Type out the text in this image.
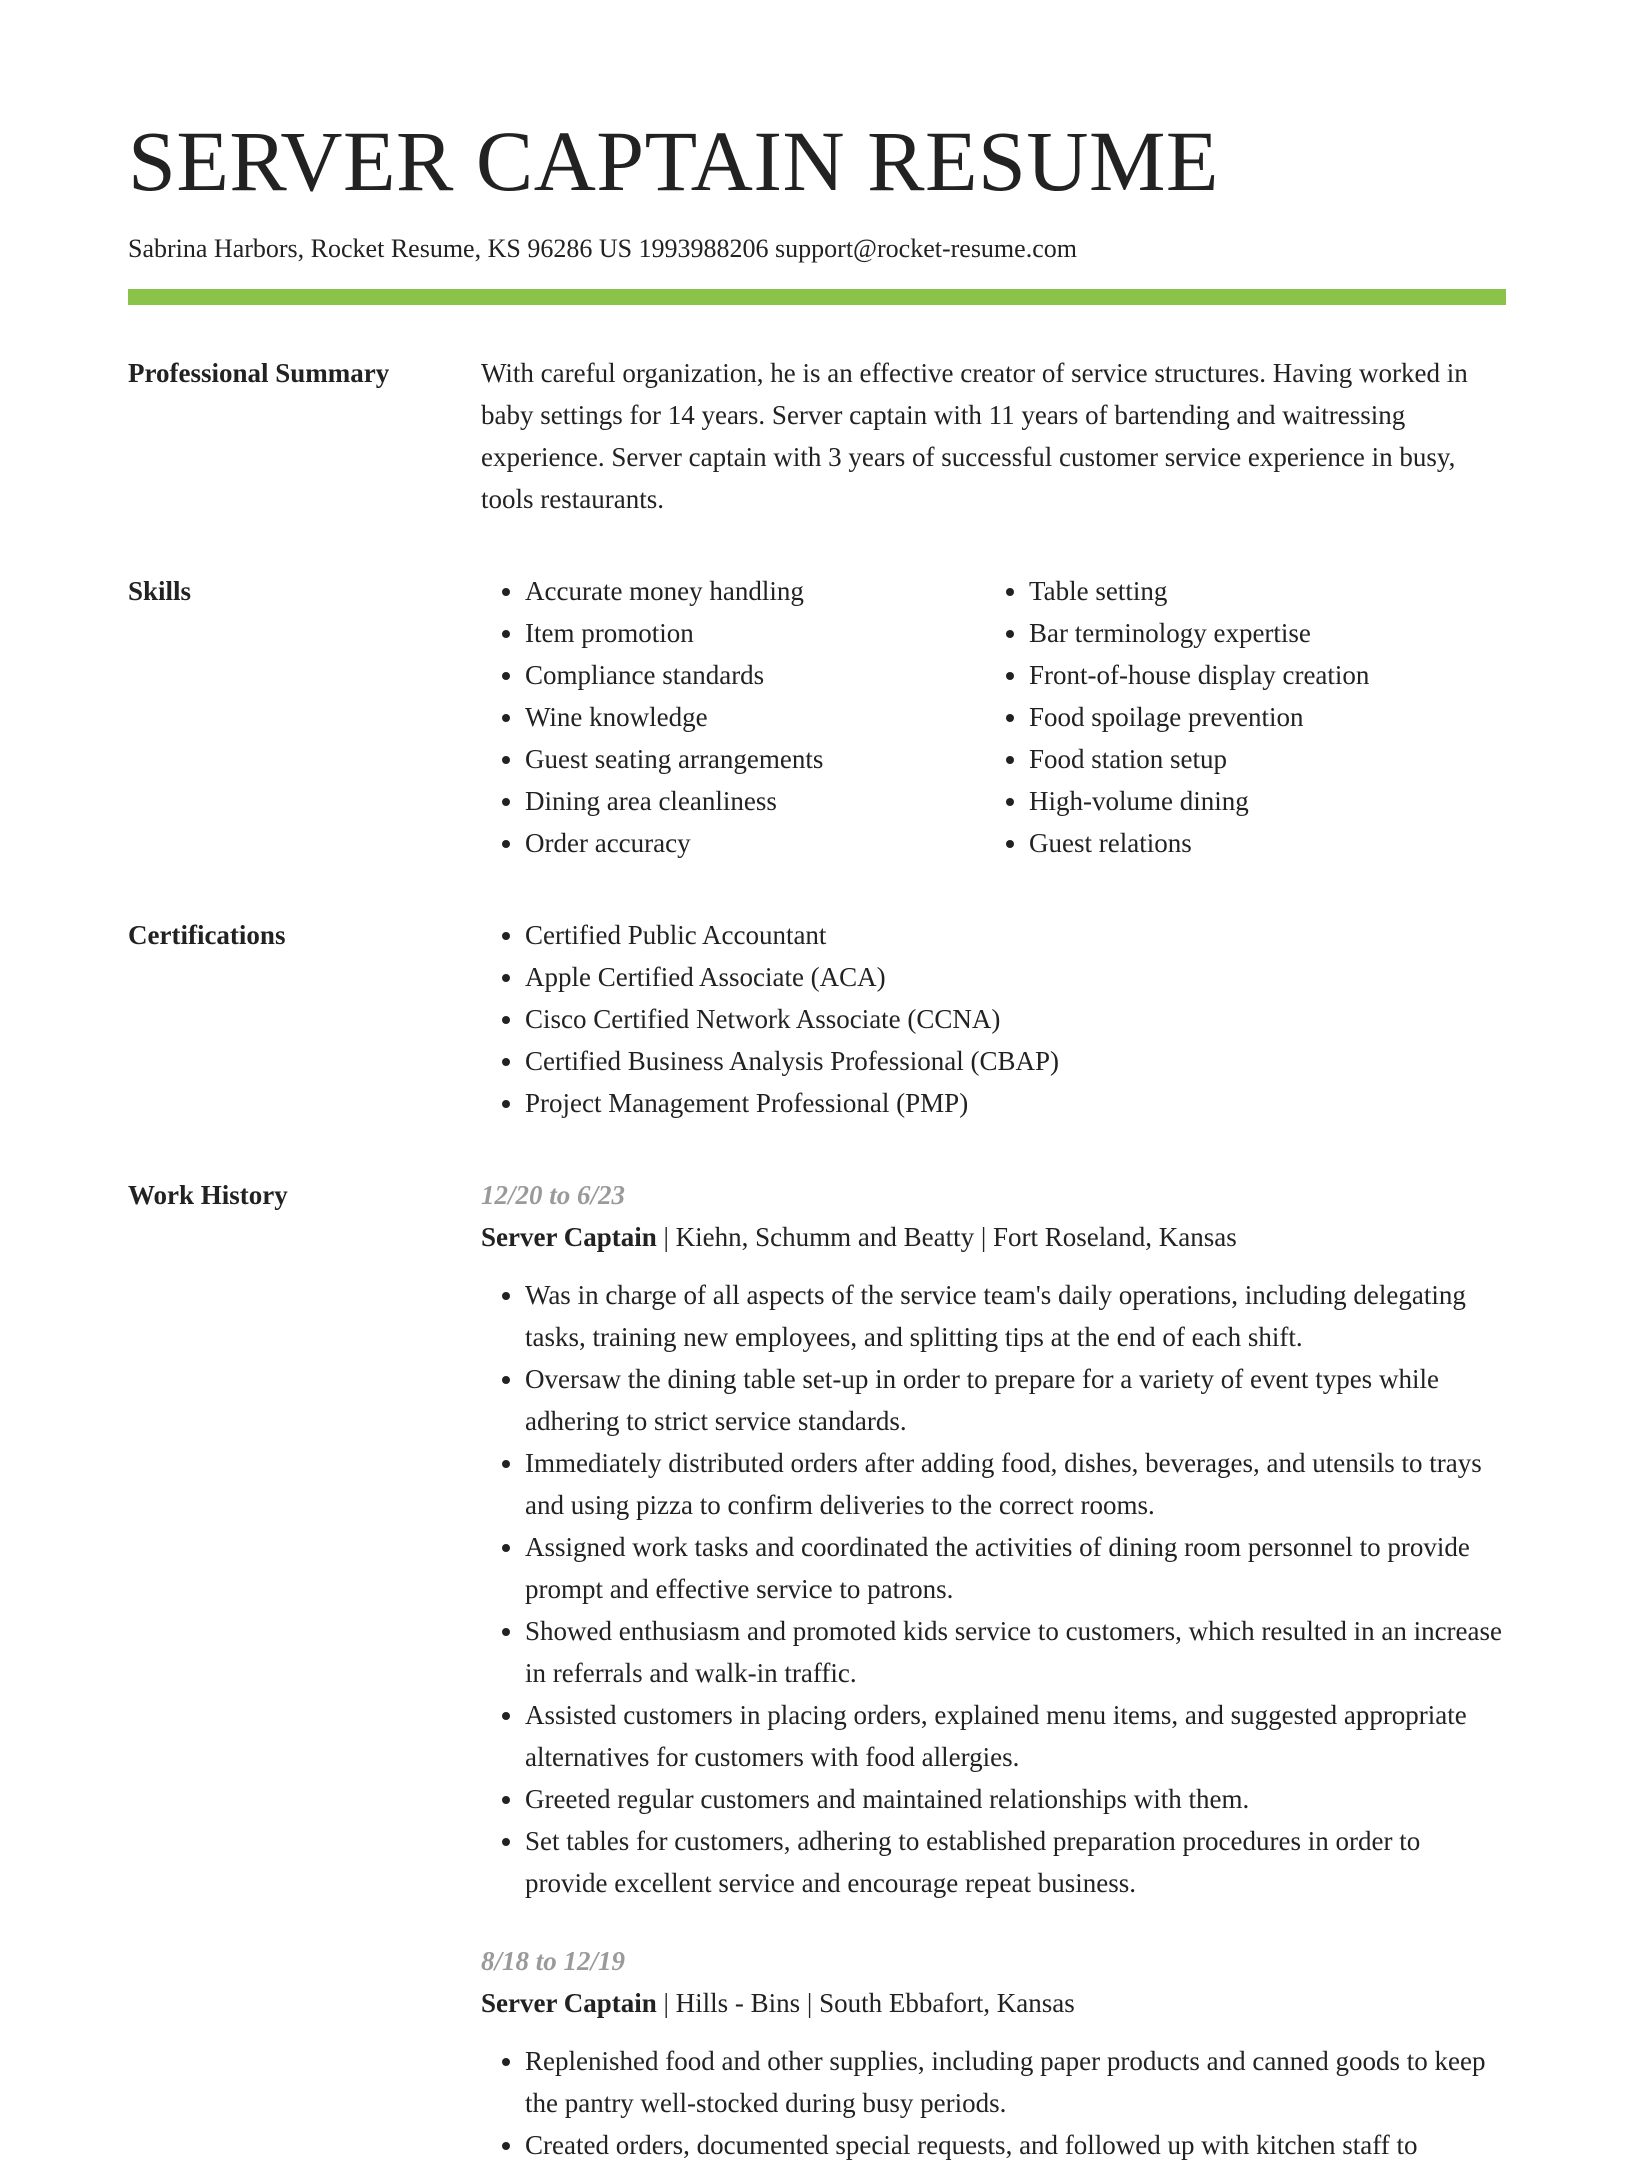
SERVER CAPTAIN RESUME
Sabrina Harbors, Rocket Resume, KS 96286 US 1993988206 support@rocket-resume.com
Professional Summary	With careful organization, he is an effective creator of service structures. Having worked in baby settings for 14 years. Server captain with 11 years of bartending and waitressing experience. Server captain with 3 years of successful customer service experience in busy, tools restaurants.

Skills	• Accurate money handling
• Item promotion
• Compliance standards
• Wine knowledge
• Guest seating arrangements
• Dining area cleanliness
• Order accuracy
• Table setting
• Bar terminology expertise
• Front-of-house display creation
• Food spoilage prevention
• Food station setup
• High-volume dining
• Guest relations
Certifications	• Certified Public Accountant
• Apple Certified Associate (ACA)
• Cisco Certified Network Associate (CCNA)
• Certified Business Analysis Professional (CBAP)
• Project Management Professional (PMP)
Work History	12/20 to 6/23
Server Captain | Kiehn, Schumm and Beatty | Fort Roseland, Kansas
• Was in charge of all aspects of the service team's daily operations, including delegating tasks, training new employees, and splitting tips at the end of each shift.
• Oversaw the dining table set-up in order to prepare for a variety of event types while adhering to strict service standards.
• Immediately distributed orders after adding food, dishes, beverages, and utensils to trays and using pizza to confirm deliveries to the correct rooms.
• Assigned work tasks and coordinated the activities of dining room personnel to provide prompt and effective service to patrons.
• Showed enthusiasm and promoted kids service to customers, which resulted in an increase in referrals and walk-in traffic.
• Assisted customers in placing orders, explained menu items, and suggested appropriate alternatives for customers with food allergies.
• Greeted regular customers and maintained relationships with them.
• Set tables for customers, adhering to established preparation procedures in order to provide excellent service and encourage repeat business.
8/18 to 12/19
Server Captain | Hills - Bins | South Ebbafort, Kansas
• Replenished food and other supplies, including paper products and canned goods to keep the pantry well-stocked during busy periods.
• Created orders, documented special requests, and followed up with kitchen staff to
